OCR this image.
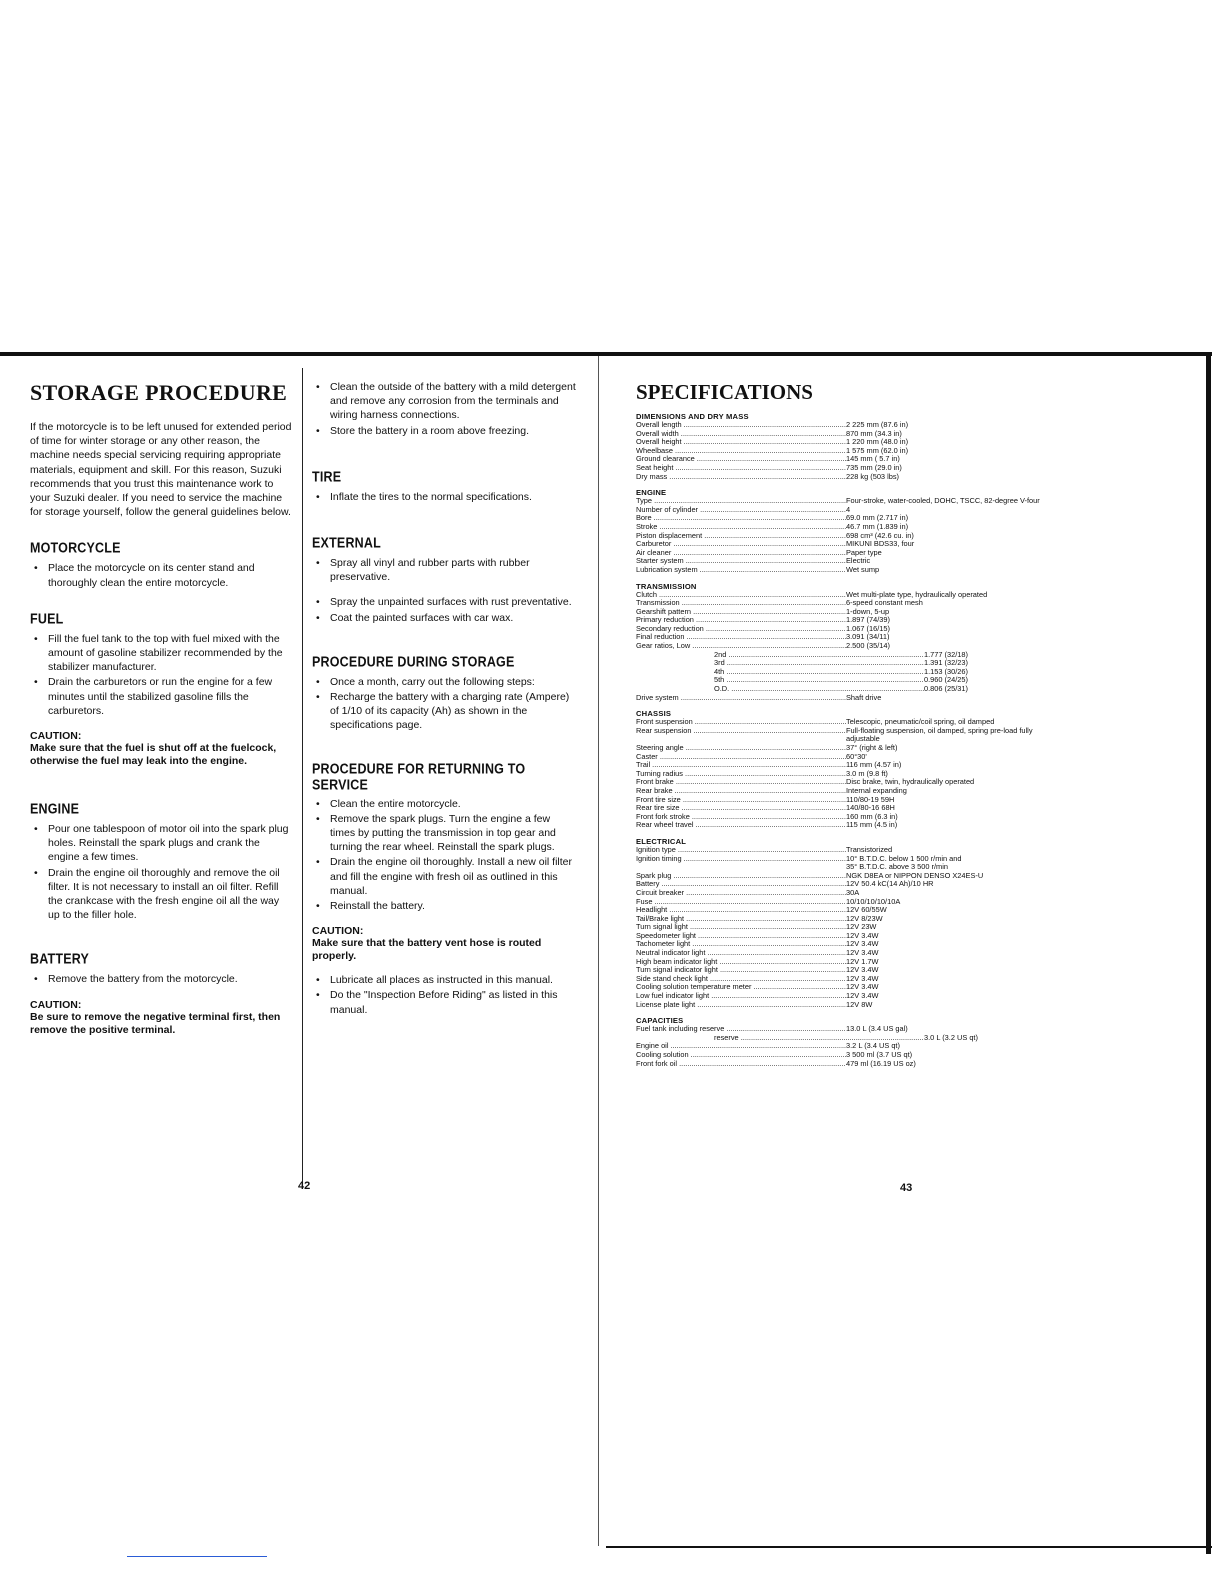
STORAGE PROCEDURE

If the motorcycle is to be left unused for extended period of time for winter storage or any other reason, the machine needs special servicing requiring appropriate materials, equipment and skill. For this reason, Suzuki recommends that you trust this maintenance work to your Suzuki dealer. If you need to service the machine for storage yourself, follow the general guidelines below.

MOTORCYCLE
• Place the motorcycle on its center stand and thoroughly clean the entire motorcycle.
FUEL
• Fill the fuel tank to the top with fuel mixed with the amount of gasoline stabilizer recommended by the stabilizer manufacturer.
• Drain the carburetors or run the engine for a few minutes until the stabilized gasoline fills the carburetors.
CAUTION:
Make sure that the fuel is shut off at the fuelcock, otherwise the fuel may leak into the engine.
ENGINE
• Pour one tablespoon of motor oil into the spark plug holes. Reinstall the spark plugs and crank the engine a few times.
• Drain the engine oil thoroughly and remove the oil filter. It is not necessary to install an oil filter. Refill the crankcase with the fresh engine oil all the way up to the filler hole.
BATTERY
• Remove the battery from the motorcycle.
CAUTION:
Be sure to remove the negative terminal first, then remove the positive terminal.
• Clean the outside of the battery with a mild detergent and remove any corrosion from the terminals and wiring harness connections.
• Store the battery in a room above freezing.
TIRE
• Inflate the tires to the normal specifications.
EXTERNAL
• Spray all vinyl and rubber parts with rubber preservative.
• Spray the unpainted surfaces with rust preventative.
• Coat the painted surfaces with car wax.
PROCEDURE DURING STORAGE
• Once a month, carry out the following steps:
• Recharge the battery with a charging rate (Ampere) of 1/10 of its capacity (Ah) as shown in the specifications page.
PROCEDURE FOR RETURNING TO SERVICE
• Clean the entire motorcycle.
• Remove the spark plugs. Turn the engine a few times by putting the transmission in top gear and turning the rear wheel. Reinstall the spark plugs.
• Drain the engine oil thoroughly. Install a new oil filter and fill the engine with fresh oil as outlined in this manual.
• Reinstall the battery.
CAUTION:
Make sure that the battery vent hose is routed properly.
• Lubricate all places as instructed in this manual.
• Do the "Inspection Before Riding" as listed in this manual.
42
SPECIFICATIONS
DIMENSIONS AND DRY MASS
Overall length .....	2 225 mm (87.6 in)
Overall width .....	870 mm (34.3 in)
Overall height .....	1 220 mm (48.0 in)
Wheelbase .....	1 575 mm (62.0 in)
Ground clearance .....	145 mm ( 5.7 in)
Seat height .....	735 mm (29.0 in)
Dry mass .....	228 kg (503 lbs)
ENGINE
Type .....	Four-stroke, water-cooled, DOHC, TSCC, 82-degree V-four
Number of cylinder .....	4
Bore .....	69.0 mm (2.717 in)
Stroke .....	46.7 mm (1.839 in)
Piston displacement .....	698 cm³ (42.6 cu. in)
Carburetor .....	MIKUNI BDS33, four
Air cleaner .....	Paper type
Starter system .....	Electric
Lubrication system .....	Wet sump
TRANSMISSION
Clutch .....	Wet multi-plate type, hydraulically operated
Transmission .....	6-speed constant mesh
Gearshift pattern .....	1-down, 5-up
Primary reduction .....	1.897 (74/39)
Secondary reduction .....	1.067 (16/15)
Final reduction .....	3.091 (34/11)
Gear ratios, Low .....	2.500 (35/14)
2nd .....	1.777 (32/18)
3rd .....	1.391 (32/23)
4th .....	1.153 (30/26)
5th .....	0.960 (24/25)
O.D. .....	0.806 (25/31)
Drive system .....	Shaft drive
CHASSIS
Front suspension .....	Telescopic, pneumatic/coil spring, oil damped
Rear suspension .....	Full-floating suspension, oil damped, spring pre-load fully
adjustable
Steering angle .....	37° (right & left)
Caster .....	60°30'
Trail .....	116 mm (4.57 in)
Turning radius .....	3.0 m (9.8 ft)
Front brake .....	Disc brake, twin, hydraulically operated
Rear brake .....	Internal expanding
Front tire size .....	110/80-19 59H
Rear tire size .....	140/80-16 68H
Front fork stroke .....	160 mm (6.3 in)
Rear wheel travel .....	115 mm (4.5 in)
ELECTRICAL
Ignition type .....	Transistorized
Ignition timing .....	10° B.T.D.C. below 1 500 r/min and
35° B.T.D.C. above 3 500 r/min
Spark plug .....	NGK D8EA or NIPPON DENSO X24ES-U
Battery .....	12V 50.4 kC(14 Ah)/10 HR
Circuit breaker .....	30A
Fuse .....	10/10/10/10/10A
Headlight .....	12V 60/55W
Tail/Brake light .....	12V 8/23W
Turn signal light .....	12V 23W
Speedometer light .....	12V 3.4W
Tachometer light .....	12V 3.4W
Neutral indicator light .....	12V 3.4W
High beam indicator light .....	12V 1.7W
Turn signal indicator light .....	12V 3.4W
Side stand check light .....	12V 3.4W
Cooling solution temperature meter .....	12V 3.4W
Low fuel indicator light .....	12V 3.4W
License plate light .....	12V 8W
CAPACITIES
Fuel tank including reserve .....	13.0 L (3.4 US gal)
reserve .....	3.0 L (3.2 US qt)
Engine oil .....	3.2 L (3.4 US qt)
Cooling solution .....	3 500 ml (3.7 US qt)
Front fork oil .....	479 ml (16.19 US oz)
43
